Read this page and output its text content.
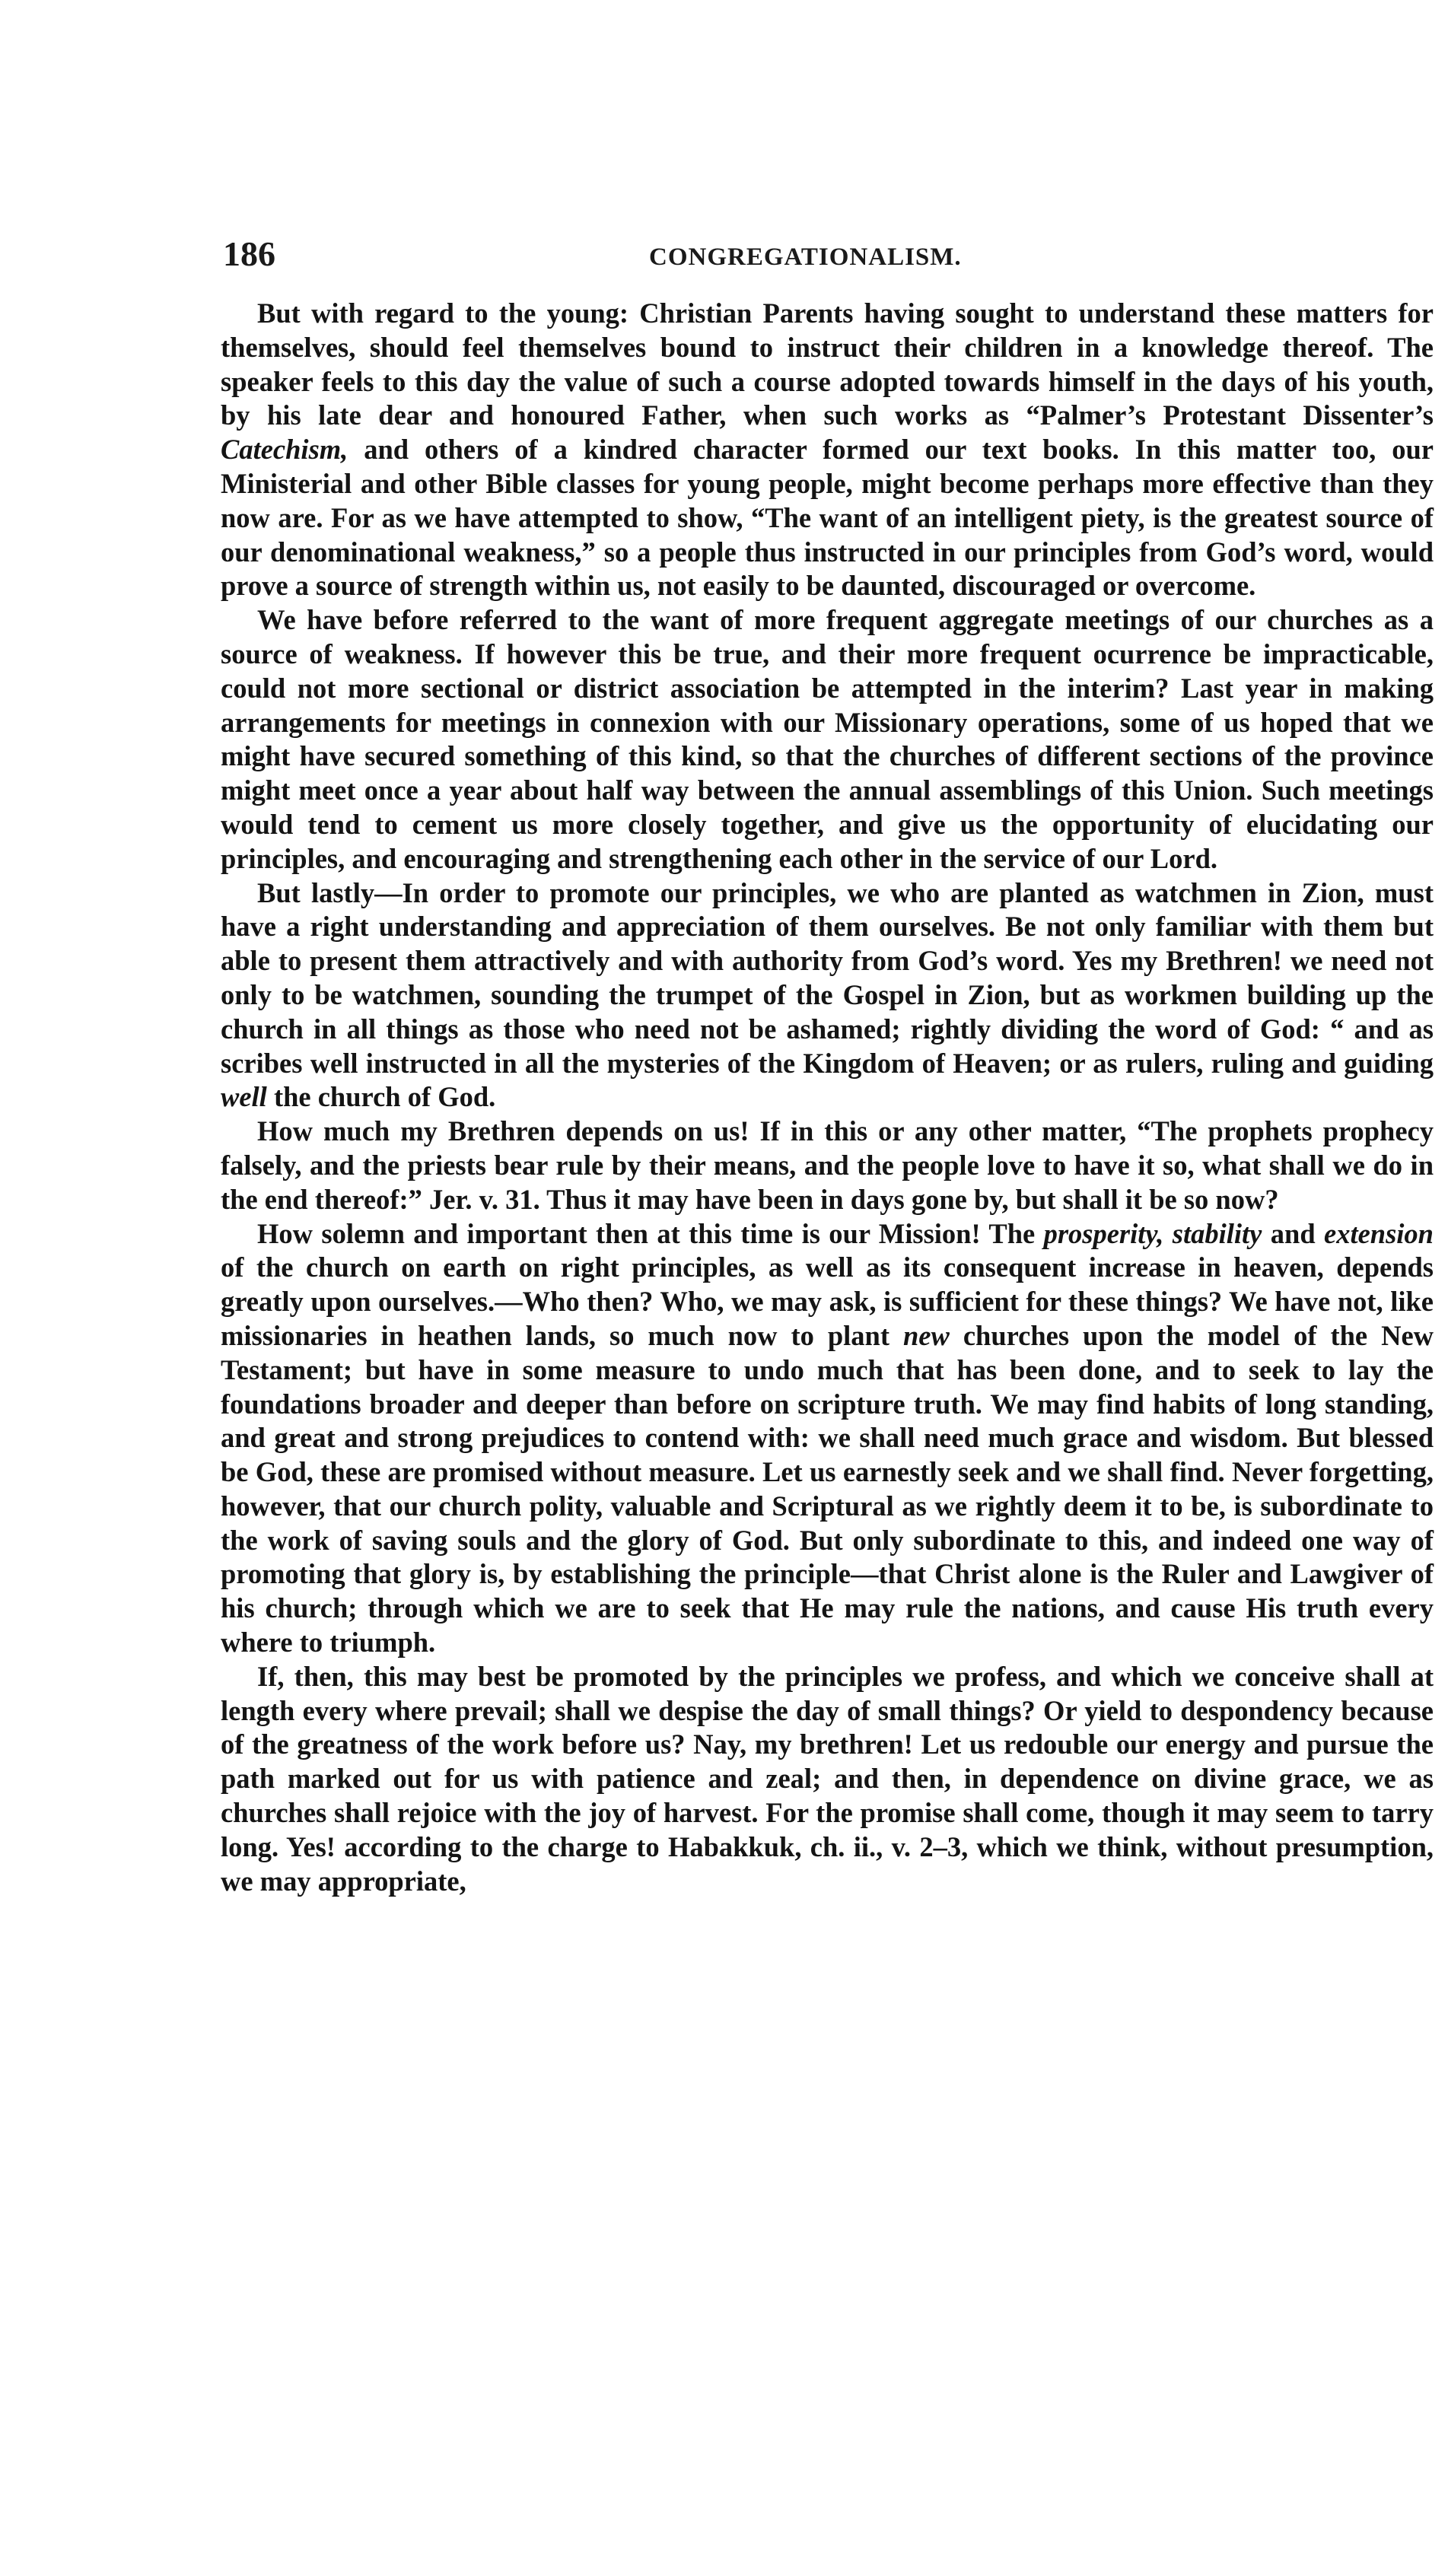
186	CONGREGATIONALISM.

But with regard to the young: Christian Parents having sought to understand these matters for themselves, should feel themselves bound to instruct their children in a knowledge thereof. The speaker feels to this day the value of such a course adopted towards himself in the days of his youth, by his late dear and honoured Father, when such works as “Palmer’s Protestant Dissenter’s Catechism, and others of a kindred character formed our text books. In this matter too, our Ministerial and other Bible classes for young people, might become perhaps more effective than they now are. For as we have attempted to show, “The want of an intelligent piety, is the greatest source of our denominational weakness,” so a people thus instructed in our principles from God’s word, would prove a source of strength within us, not easily to be daunted, discouraged or overcome.

We have before referred to the want of more frequent aggregate meetings of our churches as a source of weakness. If however this be true, and their more frequent ocurrence be impracticable, could not more sectional or district association be attempted in the interim? Last year in making arrangements for meetings in connexion with our Missionary operations, some of us hoped that we might have secured something of this kind, so that the churches of different sections of the province might meet once a year about half way between the annual assemblings of this Union. Such meetings would tend to cement us more closely together, and give us the opportunity of elucidating our principles, and encouraging and strengthening each other in the service of our Lord.

But lastly—In order to promote our principles, we who are planted as watchmen in Zion, must have a right understanding and appreciation of them ourselves. Be not only familiar with them but able to present them attractively and with authority from God’s word. Yes my Brethren! we need not only to be watchmen, sounding the trumpet of the Gospel in Zion, but as workmen building up the church in all things as those who need not be ashamed; rightly dividing the word of God: “ and as scribes well instructed in all the mysteries of the Kingdom of Heaven; or as rulers, ruling and guiding well the church of God.

How much my Brethren depends on us! If in this or any other matter, “The prophets prophecy falsely, and the priests bear rule by their means, and the people love to have it so, what shall we do in the end thereof:” Jer. v. 31. Thus it may have been in days gone by, but shall it be so now?

How solemn and important then at this time is our Mission! The prosperity, stability and extension of the church on earth on right principles, as well as its consequent increase in heaven, depends greatly upon ourselves.—Who then? Who, we may ask, is sufficient for these things? We have not, like missionaries in heathen lands, so much now to plant new churches upon the model of the New Testament; but have in some measure to undo much that has been done, and to seek to lay the foundations broader and deeper than before on scripture truth. We may find habits of long standing, and great and strong prejudices to contend with: we shall need much grace and wisdom. But blessed be God, these are promised without measure. Let us earnestly seek and we shall find. Never forgetting, however, that our church polity, valuable and Scriptural as we rightly deem it to be, is subordinate to the work of saving souls and the glory of God. But only subordinate to this, and indeed one way of promoting that glory is, by establishing the principle—that Christ alone is the Ruler and Lawgiver of his church; through which we are to seek that He may rule the nations, and cause His truth every where to triumph.

If, then, this may best be promoted by the principles we profess, and which we conceive shall at length every where prevail; shall we despise the day of small things? Or yield to despondency because of the greatness of the work before us? Nay, my brethren! Let us redouble our energy and pursue the path marked out for us with patience and zeal; and then, in dependence on divine grace, we as churches shall rejoice with the joy of harvest. For the promise shall come, though it may seem to tarry long. Yes! according to the charge to Habakkuk, ch. ii., v. 2–3, which we think, without presumption, we may appropriate,
